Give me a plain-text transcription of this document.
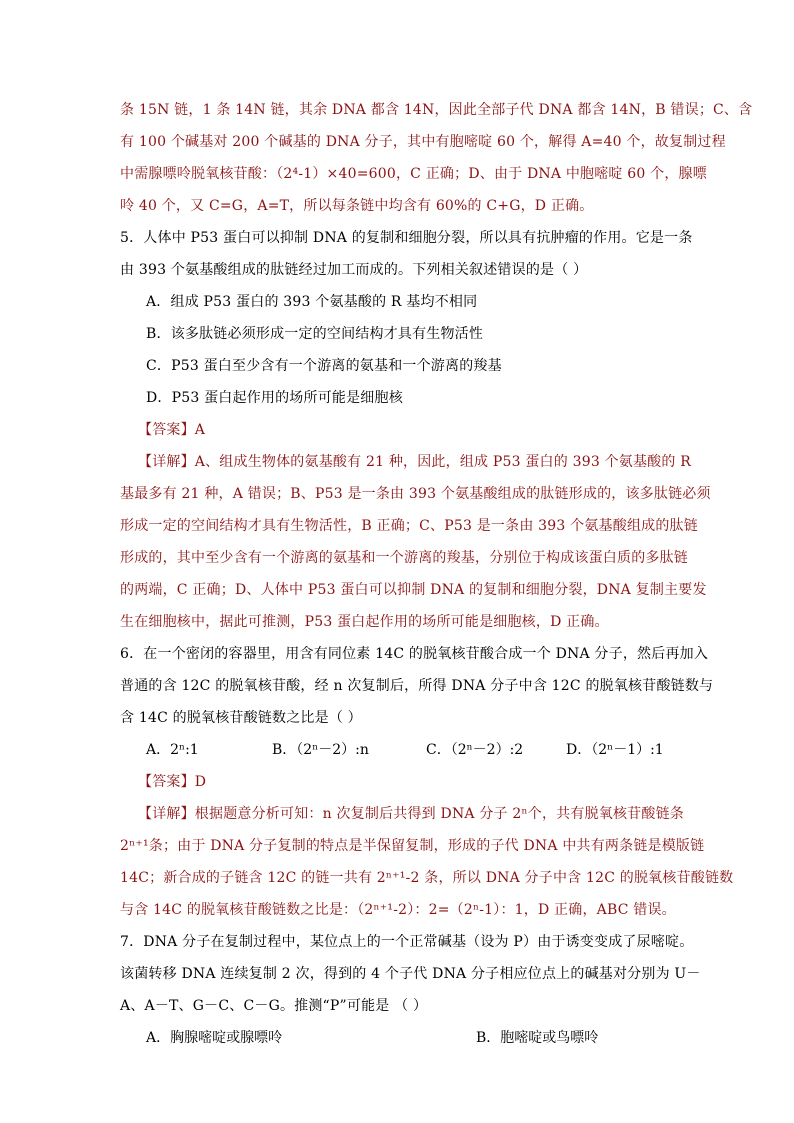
条 15N 链，1 条 14N 链，其余 DNA 都含 14N，因此全部子代 DNA 都含 14N，B 错误；C、含
有 100 个碱基对 200 个碱基的 DNA 分子，其中有胞嘧啶 60 个，解得 A=40 个，故复制过程
中需腺嘌呤脱氧核苷酸：（2⁴-1）×40=600，C 正确；D、由于 DNA 中胞嘧啶 60 个，腺嘌
呤 40 个，又 C=G，A=T，所以每条链中均含有 60%的 C+G，D 正确。
5．人体中 P53 蛋白可以抑制 DNA 的复制和细胞分裂，所以具有抗肿瘤的作用。它是一条
由 393 个氨基酸组成的肽链经过加工而成的。下列相关叙述错误的是（ ）
A．组成 P53 蛋白的 393 个氨基酸的 R 基均不相同
B．该多肽链必须形成一定的空间结构才具有生物活性
C．P53 蛋白至少含有一个游离的氨基和一个游离的羧基
D．P53 蛋白起作用的场所可能是细胞核
【答案】A
【详解】A、组成生物体的氨基酸有 21 种，因此，组成 P53 蛋白的 393 个氨基酸的 R
基最多有 21 种，A 错误；B、P53 是一条由 393 个氨基酸组成的肽链形成的，该多肽链必须
形成一定的空间结构才具有生物活性，B 正确；C、P53 是一条由 393 个氨基酸组成的肽链
形成的，其中至少含有一个游离的氨基和一个游离的羧基，分别位于构成该蛋白质的多肽链
的两端，C 正确；D、人体中 P53 蛋白可以抑制 DNA 的复制和细胞分裂，DNA 复制主要发
生在细胞核中，据此可推测，P53 蛋白起作用的场所可能是细胞核，D 正确。
6．在一个密闭的容器里，用含有同位素 14C 的脱氧核苷酸合成一个 DNA 分子，然后再加入
普通的含 12C 的脱氧核苷酸，经 n 次复制后，所得 DNA 分子中含 12C 的脱氧核苷酸链数与
含 14C 的脱氧核苷酸链数之比是（ ）
A．2ⁿ:1	B．（2ⁿ－2）:n	C．（2ⁿ－2）:2	D．（2ⁿ－1）:1
【答案】D
【详解】根据题意分析可知：n 次复制后共得到 DNA 分子 2ⁿ个，共有脱氧核苷酸链条
2ⁿ⁺¹条；由于 DNA 分子复制的特点是半保留复制，形成的子代 DNA 中共有两条链是模版链
14C；新合成的子链含 12C 的链一共有 2ⁿ⁺¹-2 条，所以 DNA 分子中含 12C 的脱氧核苷酸链数
与含 14C 的脱氧核苷酸链数之比是：（2ⁿ⁺¹-2）：2=（2ⁿ-1）：1，D 正确，ABC 错误。
7．DNA 分子在复制过程中，某位点上的一个正常碱基（设为 P）由于诱变变成了尿嘧啶。
该菌转移 DNA 连续复制 2 次，得到的 4 个子代 DNA 分子相应位点上的碱基对分别为 U－
A、A－T、G－C、C－G。推测“P”可能是 （ ）
A．胸腺嘧啶或腺嘌呤	B．胞嘧啶或鸟嘌呤
